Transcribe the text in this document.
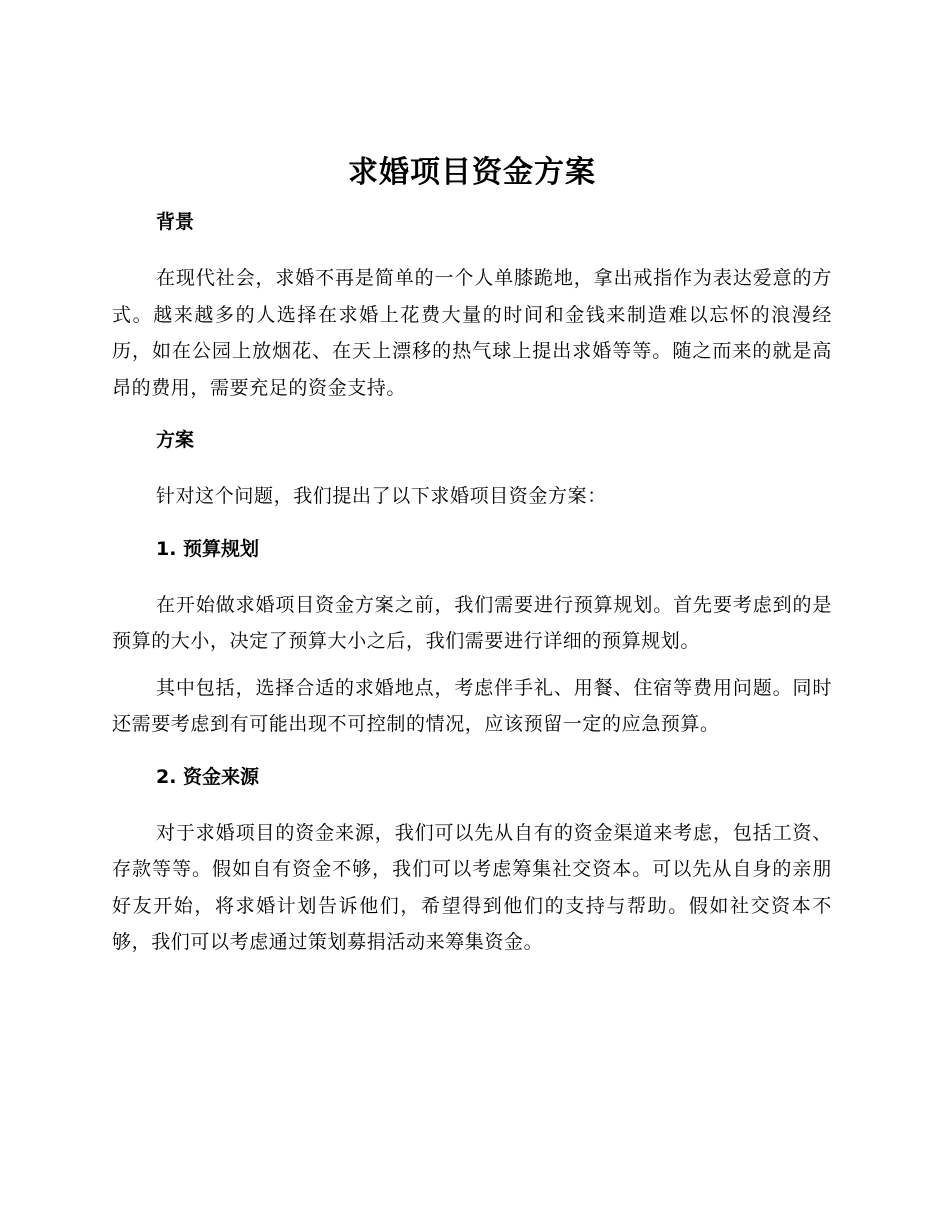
求婚项目资金方案
背景

在现代社会，求婚不再是简单的一个人单膝跪地，拿出戒指作为表达爱意的方式。越来越多的人选择在求婚上花费大量的时间和金钱来制造难以忘怀的浪漫经历，如在公园上放烟花、在天上漂移的热气球上提出求婚等等。随之而来的就是高昂的费用，需要充足的资金支持。

方案

针对这个问题，我们提出了以下求婚项目资金方案：

1. 预算规划

在开始做求婚项目资金方案之前，我们需要进行预算规划。首先要考虑到的是预算的大小，决定了预算大小之后，我们需要进行详细的预算规划。

其中包括，选择合适的求婚地点，考虑伴手礼、用餐、住宿等费用问题。同时还需要考虑到有可能出现不可控制的情况，应该预留一定的应急预算。

2. 资金来源

对于求婚项目的资金来源，我们可以先从自有的资金渠道来考虑，包括工资、存款等等。假如自有资金不够，我们可以考虑筹集社交资本。可以先从自身的亲朋好友开始，将求婚计划告诉他们，希望得到他们的支持与帮助。假如社交资本不够，我们可以考虑通过策划募捐活动来筹集资金。
